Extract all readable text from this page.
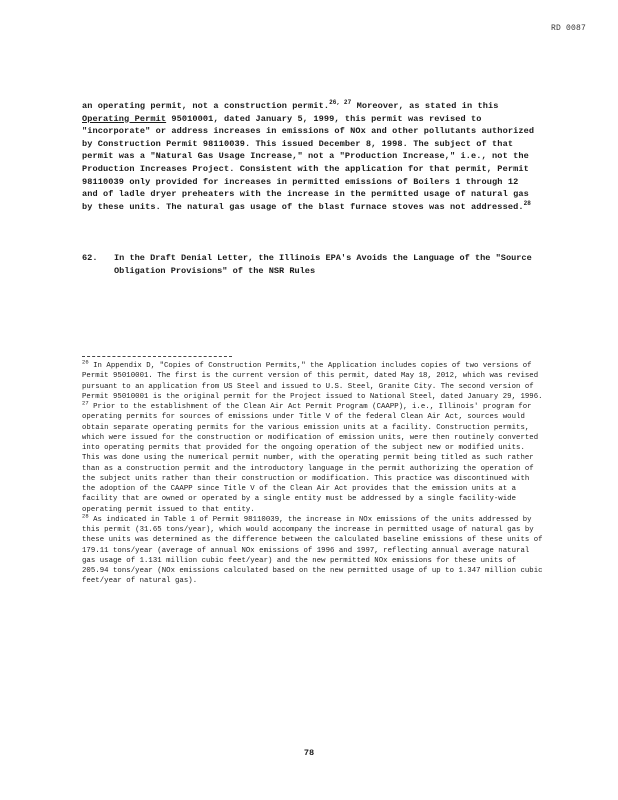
RD 0087

an operating permit, not a construction permit.$^{26, 27}$ Moreover, as stated in this Operating Permit 95010001, dated January 5, 1999, this permit was revised to "incorporate" or address increases in emissions of NOx and other pollutants authorized by Construction Permit 98110039. This issued December 8, 1998. The subject of that permit was a "Natural Gas Usage Increase," not a "Production Increase," i.e., not the Production Increases Project. Consistent with the application for that permit, Permit 98110039 only provided for increases in permitted emissions of Boilers 1 through 12 and of ladle dryer preheaters with the increase in the permitted usage of natural gas by these units. The natural gas usage of the blast furnace stoves was not addressed.$^{28}$

62. In the Draft Denial Letter, the Illinois EPA's Avoids the Language of the "Source Obligation Provisions" of the NSR Rules

$^{26}$ In Appendix D, "Copies of Construction Permits," the Application includes copies of two versions of Permit 95010001. The first is the current version of this permit, dated May 18, 2012, which was revised pursuant to an application from US Steel and issued to U.S. Steel, Granite City. The second version of Permit 95010001 is the original permit for the Project issued to National Steel, dated January 29, 1996.

$^{27}$ Prior to the establishment of the Clean Air Act Permit Program (CAAPP), i.e., Illinois' program for operating permits for sources of emissions under Title V of the federal Clean Air Act, sources would obtain separate operating permits for the various emission units at a facility. Construction permits, which were issued for the construction or modification of emission units, were then routinely converted into operating permits that provided for the ongoing operation of the subject new or modified units. This was done using the numerical permit number, with the operating permit being titled as such rather than as a construction permit and the introductory language in the permit authorizing the operation of the subject units rather than their construction or modification. This practice was discontinued with the adoption of the CAAPP since Title V of the Clean Air Act provides that the emission units at a facility that are owned or operated by a single entity must be addressed by a single facility-wide operating permit issued to that entity.

$^{28}$ As indicated in Table 1 of Permit 98110039, the increase in NOx emissions of the units addressed by this permit (31.65 tons/year), which would accompany the increase in permitted usage of natural gas by these units was determined as the difference between the calculated baseline emissions of these units of 179.11 tons/year (average of annual NOx emissions of 1996 and 1997, reflecting annual average natural gas usage of 1.131 million cubic feet/year) and the new permitted NOx emissions for these units of 205.94 tons/year (NOx emissions calculated based on the new permitted usage of up to 1.347 million cubic feet/year of natural gas).

78
